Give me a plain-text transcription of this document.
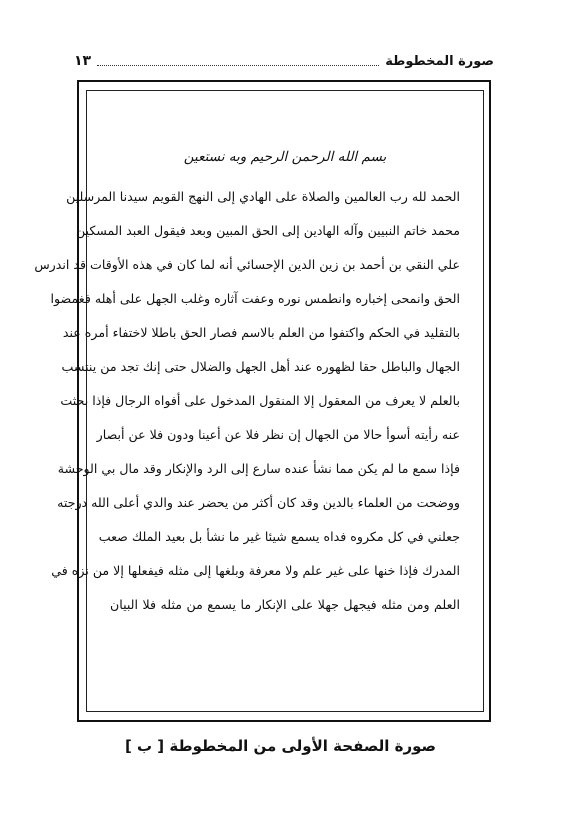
صورة المخطوطة
١٣
بسم الله الرحمن الرحيم وبه نستعين
الحمد لله رب العالمين والصلاة على الهادي إلى النهج القويم سيدنا المرسلين
محمد خاتم النبيين وآله الهادين إلى الحق المبين وبعد فيقول العبد المسكين
علي النقي بن أحمد بن زين الدين الإحسائي أنه لما كان في هذه الأوقات قد اندرس
الحق وانمحى إخباره وانطمس نوره وعفت آثاره وغلب الجهل على أهله فغمضوا
بالتقليد في الحكم واكتفوا من العلم بالاسم فصار الحق باطلا لاختفاء أمره عند
الجهال والباطل حقا لظهوره عند أهل الجهل والضلال حتى إنك تجد من ينتسب
بالعلم لا يعرف من المعقول إلا المنقول المدخول على أفواه الرجال فإذا بحثت
عنه رأيته أسوأ حالا من الجهال إن نظر فلا عن أعينا ودون فلا عن أبصار
فإذا سمع ما لم يكن مما نشأ عنده سارع إلى الرد والإنكار وقد مال بي الوحشة
ووضحت من العلماء بالدين وقد كان أكثر من يحضر عند والدي أعلى الله درجته
جعلني في كل مكروه فداه يسمع شيئا غير ما نشأ بل بعيد الملك صعب
المدرك فإذا خنها على غير علم ولا معرفة وبلغها إلى مثله فيفعلها إلا من نزه في
العلم ومن مثله فيجهل جهلا على الإنكار ما يسمع من مثله فلا البيان
صورة الصفحة الأولى من المخطوطة [ ب ]
